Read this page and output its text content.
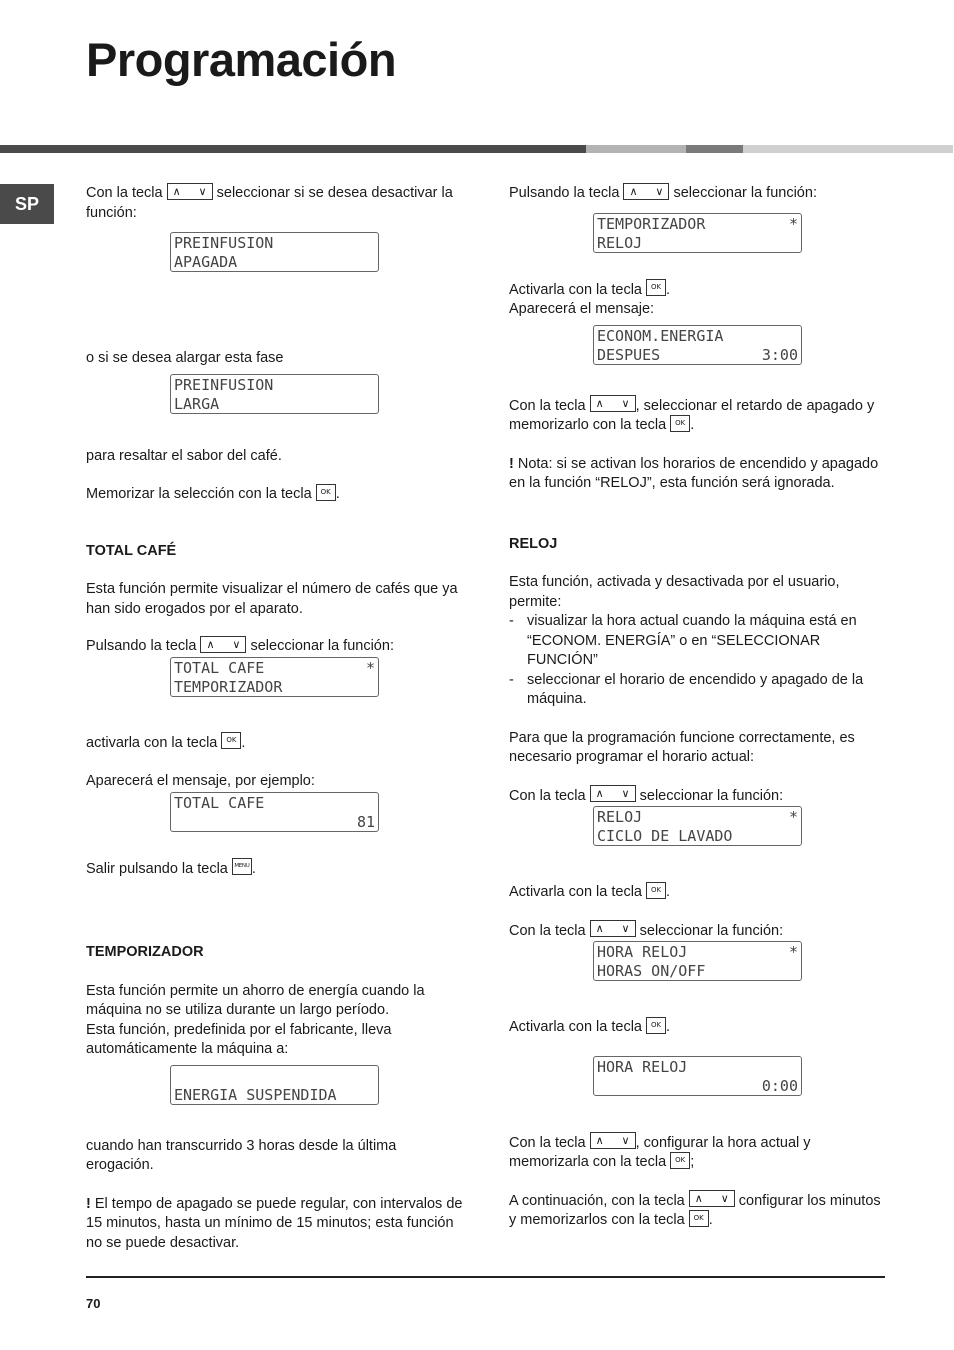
Programación
SP

Con la tecla ∧ ∨ seleccionar si se desea desactivar la función:

PREINFUSION
APAGADA

o si se desea alargar esta fase

PREINFUSION
LARGA

para resaltar el sabor del café.

Memorizar la selección con la tecla OK .

TOTAL CAFÉ

Esta función permite visualizar el número de cafés que ya han sido erogados por el aparato.

Pulsando la tecla ∧ ∨ seleccionar la función:

TOTAL CAFE	*
TEMPORIZADOR

activarla con la tecla OK .

Aparecerá el mensaje, por ejemplo:

TOTAL CAFE
81

Salir pulsando la tecla MENU .

TEMPORIZADOR

Esta función permite un ahorro de energía cuando la máquina no se utiliza durante un largo período.

Esta función, predefinida por el fabricante, lleva automáticamente la máquina a:

ENERGIA SUSPENDIDA

cuando han transcurrido 3 horas desde la última erogación.

! El tempo de apagado se puede regular, con intervalos de 15 minutos, hasta un mínimo de 15 minutos; esta función no se puede desactivar.

Pulsando la tecla ∧ ∨ seleccionar la función:

TEMPORIZADOR	*
RELOJ

Activarla con la tecla OK .

Aparecerá el mensaje:

ECONOM.ENERGIA
DESPUES	3:00

Con la tecla ∧ ∨ , seleccionar el retardo de apagado y memorizarlo con la tecla OK .

! Nota: si se activan los horarios de encendido y apagado en la función “RELOJ”, esta función será ignorada.

RELOJ

Esta función, activada y desactivada por el usuario, permite:

- visualizar la hora actual cuando la máquina está en “ECONOM. ENERGÍA” o en “SELECCIONAR FUNCIÓN”
- seleccionar el horario de encendido y apagado de la máquina.

Para que la programación funcione correctamente, es necesario programar el horario actual:

Con la tecla ∧ ∨ seleccionar la función:

RELOJ	*
CICLO DE LAVADO

Activarla con la tecla OK .

Con la tecla ∧ ∨ seleccionar la función:

HORA RELOJ	*
HORAS ON/OFF

Activarla con la tecla OK .

HORA RELOJ
0:00

Con la tecla ∧ ∨ , configurar la hora actual y memorizarla con la tecla OK ;

A continuación, con la tecla ∧ ∨ configurar los minutos y memorizarlos con la tecla OK .

70
